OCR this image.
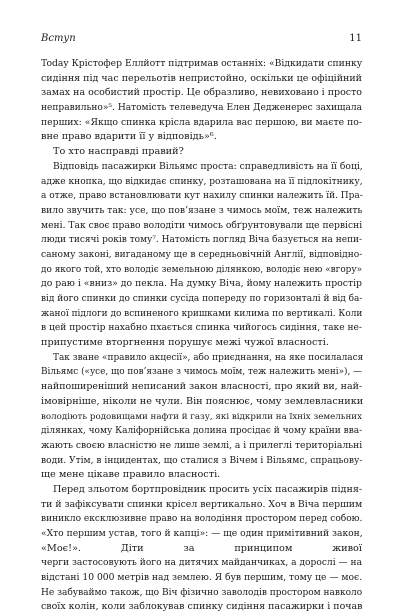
Вступ	11
Today Крістофер Еллйотт підтримав останніх: «Відкидати спинку
сидіння під час перельотів непристойно, оскільки це офіційний
замах на особистий простір. Це образливо, невиховано і просто
неправильно»⁵. Натомість телеведуча Елен Дедженерес захищала
перших: «Якщо спинка крісла вдарила вас першою, ви маєте по-
вне право вдарити її у відповідь»⁶.
То хто насправді правий?
Відповідь пасажирки Вільямс проста: справедливість на її боці,
адже кнопка, що відкидає спинку, розташована на її підлокітнику,
а отже, право встановлювати кут нахилу спинки належить їй. Пра-
вило звучить так: усе, що пов’язане з чимось моїм, теж належить
мені. Так своє право володіти чимось обґрунтовували ще первісні
люди тисячі років тому⁷. Натомість погляд Віча базується на непи-
саному законі, вигаданому ще в середньовічній Англії, відповідно-
до якого той, хто володіє земельною ділянкою, володіє нею «вгору»
до раю і «вниз» до пекла. На думку Віча, йому належить простір
від його спинки до спинки сусіда попереду по горизонталі й від ба-
жаної підлоги до вспиненого кришками килима по вертикалі. Коли
в цей простір нахабно пхається спинка чийогось сидіння, таке не-
припустиме вторгнення порушує межі чужої власності.
Так зване «правило акцесії», або приєднання, на яке посилалася
Вільямс («усе, що пов’язане з чимось моїм, теж належить мені»), —
найпоширеніший неписаний закон власності, про який ви, най-
імовірніше, ніколи не чули. Він пояснює, чому землевласники
володіють родовищами нафти й газу, які відкрили на їхніх земельних
ділянках, чому Каліфорнійська долина просідає й чому країни вва-
жають своєю власністю не лише землі, а і прилеглі територіальні
води. Утім, в інцидентах, що сталися з Вічем і Вільямс, спрацьову-
ще мене цікаве правило власності.
Перед зльотом бортпровідник просить усіх пасажирів підня-
ти й зафіксувати спинки крісел вертикально. Хоч в Віча першим
виникло ексклюзивне право на володіння простором перед собою.
«Хто першим устав, того й капці»: — ще один примітивний закон,
«Моє!». Діти за принципом живої
черги застосовують його на дитячих майданчиках, а дорослі — на
відстані 10 000 метрів над землею. Я був першим, тому це — моє.
Не забуваймо також, що Віч фізично заволодів простором навколо
своїх колін, коли заблокував спинку сидіння пасажирки і почав
